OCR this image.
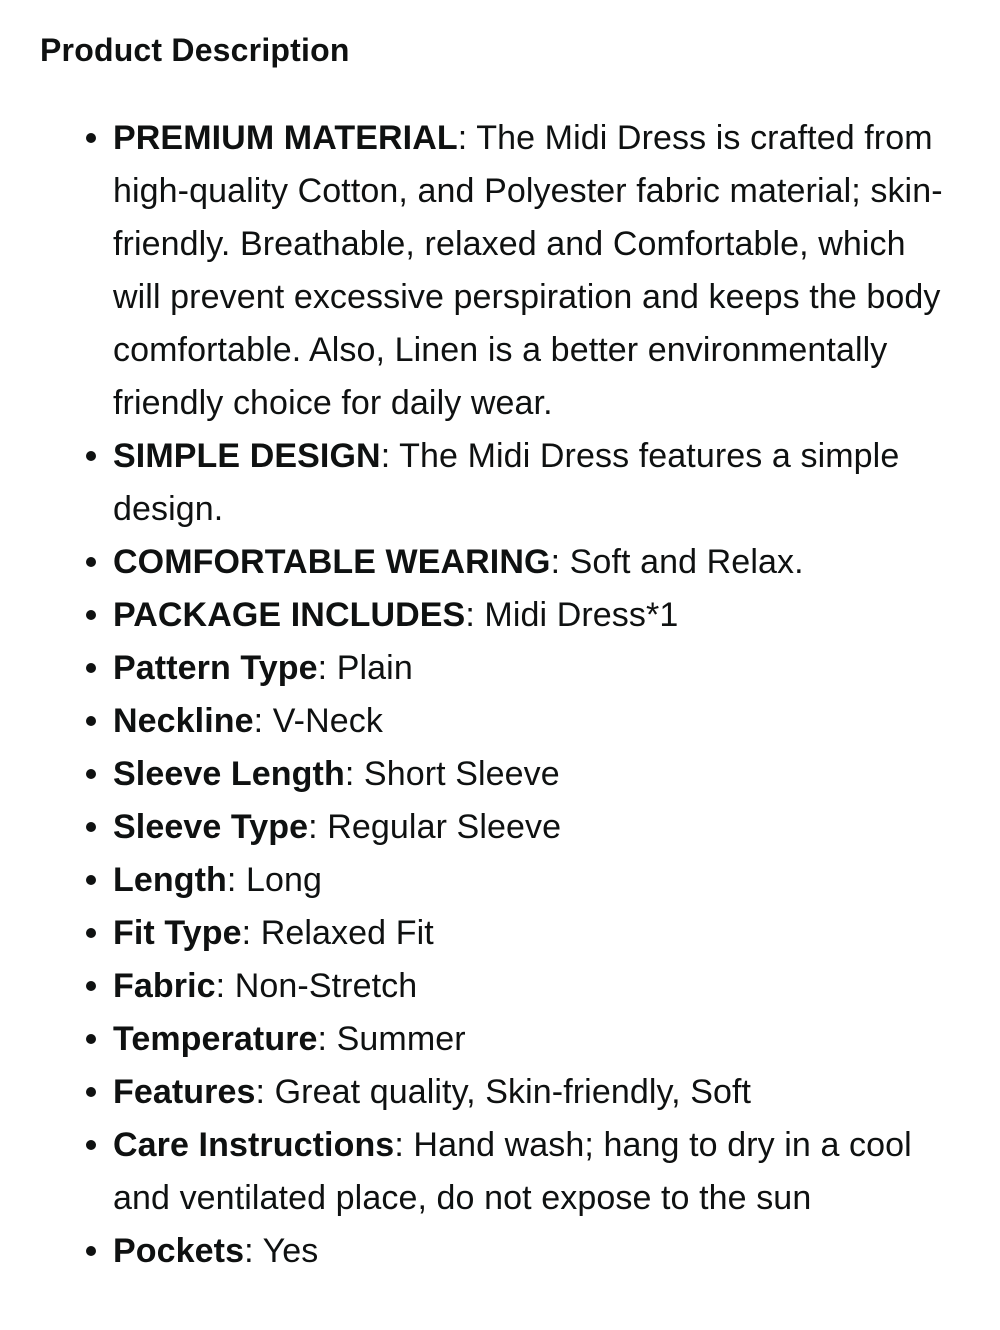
Product Description
PREMIUM MATERIAL: The Midi Dress is crafted from high-quality Cotton, and Polyester fabric material; skin-friendly. Breathable, relaxed and Comfortable, which will prevent excessive perspiration and keeps the body comfortable. Also, Linen is a better environmentally friendly choice for daily wear.
SIMPLE DESIGN: The Midi Dress features a simple design.
COMFORTABLE WEARING: Soft and Relax.
PACKAGE INCLUDES: Midi Dress*1
Pattern Type: Plain
Neckline: V-Neck
Sleeve Length: Short Sleeve
Sleeve Type: Regular Sleeve
Length: Long
Fit Type: Relaxed Fit
Fabric: Non-Stretch
Temperature: Summer
Features: Great quality, Skin-friendly, Soft
Care Instructions: Hand wash; hang to dry in a cool and ventilated place, do not expose to the sun
Pockets: Yes
